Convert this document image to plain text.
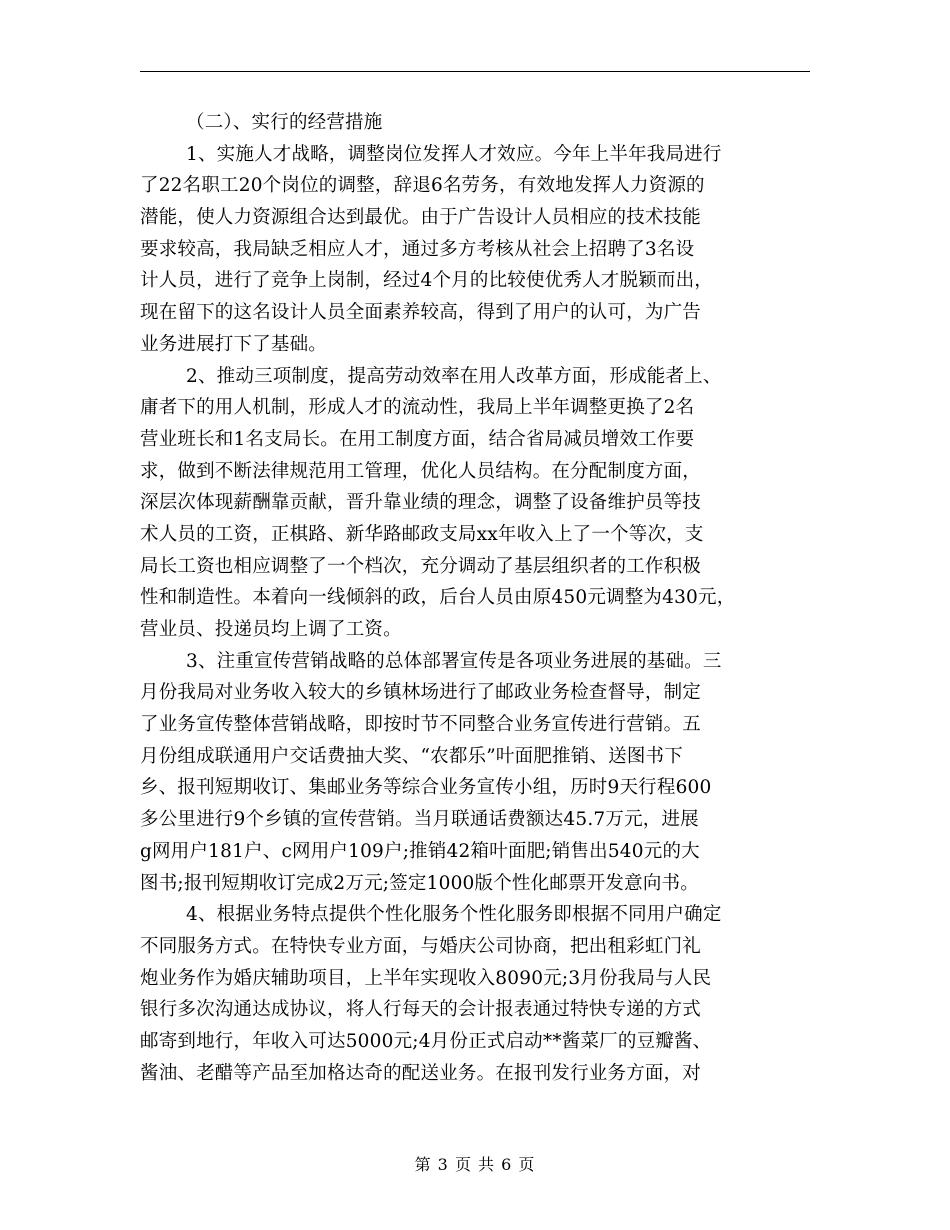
（二）、实行的经营措施
1、实施人才战略，调整岗位发挥人才效应。今年上半年我局进行
了22名职工20个岗位的调整，辞退6名劳务，有效地发挥人力资源的
潜能，使人力资源组合达到最优。由于广告设计人员相应的技术技能
要求较高，我局缺乏相应人才，通过多方考核从社会上招聘了3名设
计人员，进行了竞争上岗制，经过4个月的比较使优秀人才脱颖而出，
现在留下的这名设计人员全面素养较高，得到了用户的认可，为广告
业务进展打下了基础。
2、推动三项制度，提高劳动效率在用人改革方面，形成能者上、
庸者下的用人机制，形成人才的流动性，我局上半年调整更换了2名
营业班长和1名支局长。在用工制度方面，结合省局减员增效工作要
求，做到不断法律规范用工管理，优化人员结构。在分配制度方面，
深层次体现薪酬靠贡献，晋升靠业绩的理念，调整了设备维护员等技
术人员的工资，正棋路、新华路邮政支局xx年收入上了一个等次，支
局长工资也相应调整了一个档次，充分调动了基层组织者的工作积极
性和制造性。本着向一线倾斜的政，后台人员由原450元调整为430元，
营业员、投递员均上调了工资。
3、注重宣传营销战略的总体部署宣传是各项业务进展的基础。三
月份我局对业务收入较大的乡镇林场进行了邮政业务检查督导，制定
了业务宣传整体营销战略，即按时节不同整合业务宣传进行营销。五
月份组成联通用户交话费抽大奖、“农都乐”叶面肥推销、送图书下
乡、报刊短期收订、集邮业务等综合业务宣传小组，历时9天行程600
多公里进行9个乡镇的宣传营销。当月联通话费额达45.7万元，进展
g网用户181户、c网用户109户;推销42箱叶面肥;销售出540元的大
图书;报刊短期收订完成2万元;签定1000版个性化邮票开发意向书。
4、根据业务特点提供个性化服务个性化服务即根据不同用户确定
不同服务方式。在特快专业方面，与婚庆公司协商，把出租彩虹门礼
炮业务作为婚庆辅助项目，上半年实现收入8090元;3月份我局与人民
银行多次沟通达成协议，将人行每天的会计报表通过特快专递的方式
邮寄到地行，年收入可达5000元;4月份正式启动**酱菜厂的豆瓣酱、
酱油、老醋等产品至加格达奇的配送业务。在报刊发行业务方面，对
第 3 页 共 6 页
